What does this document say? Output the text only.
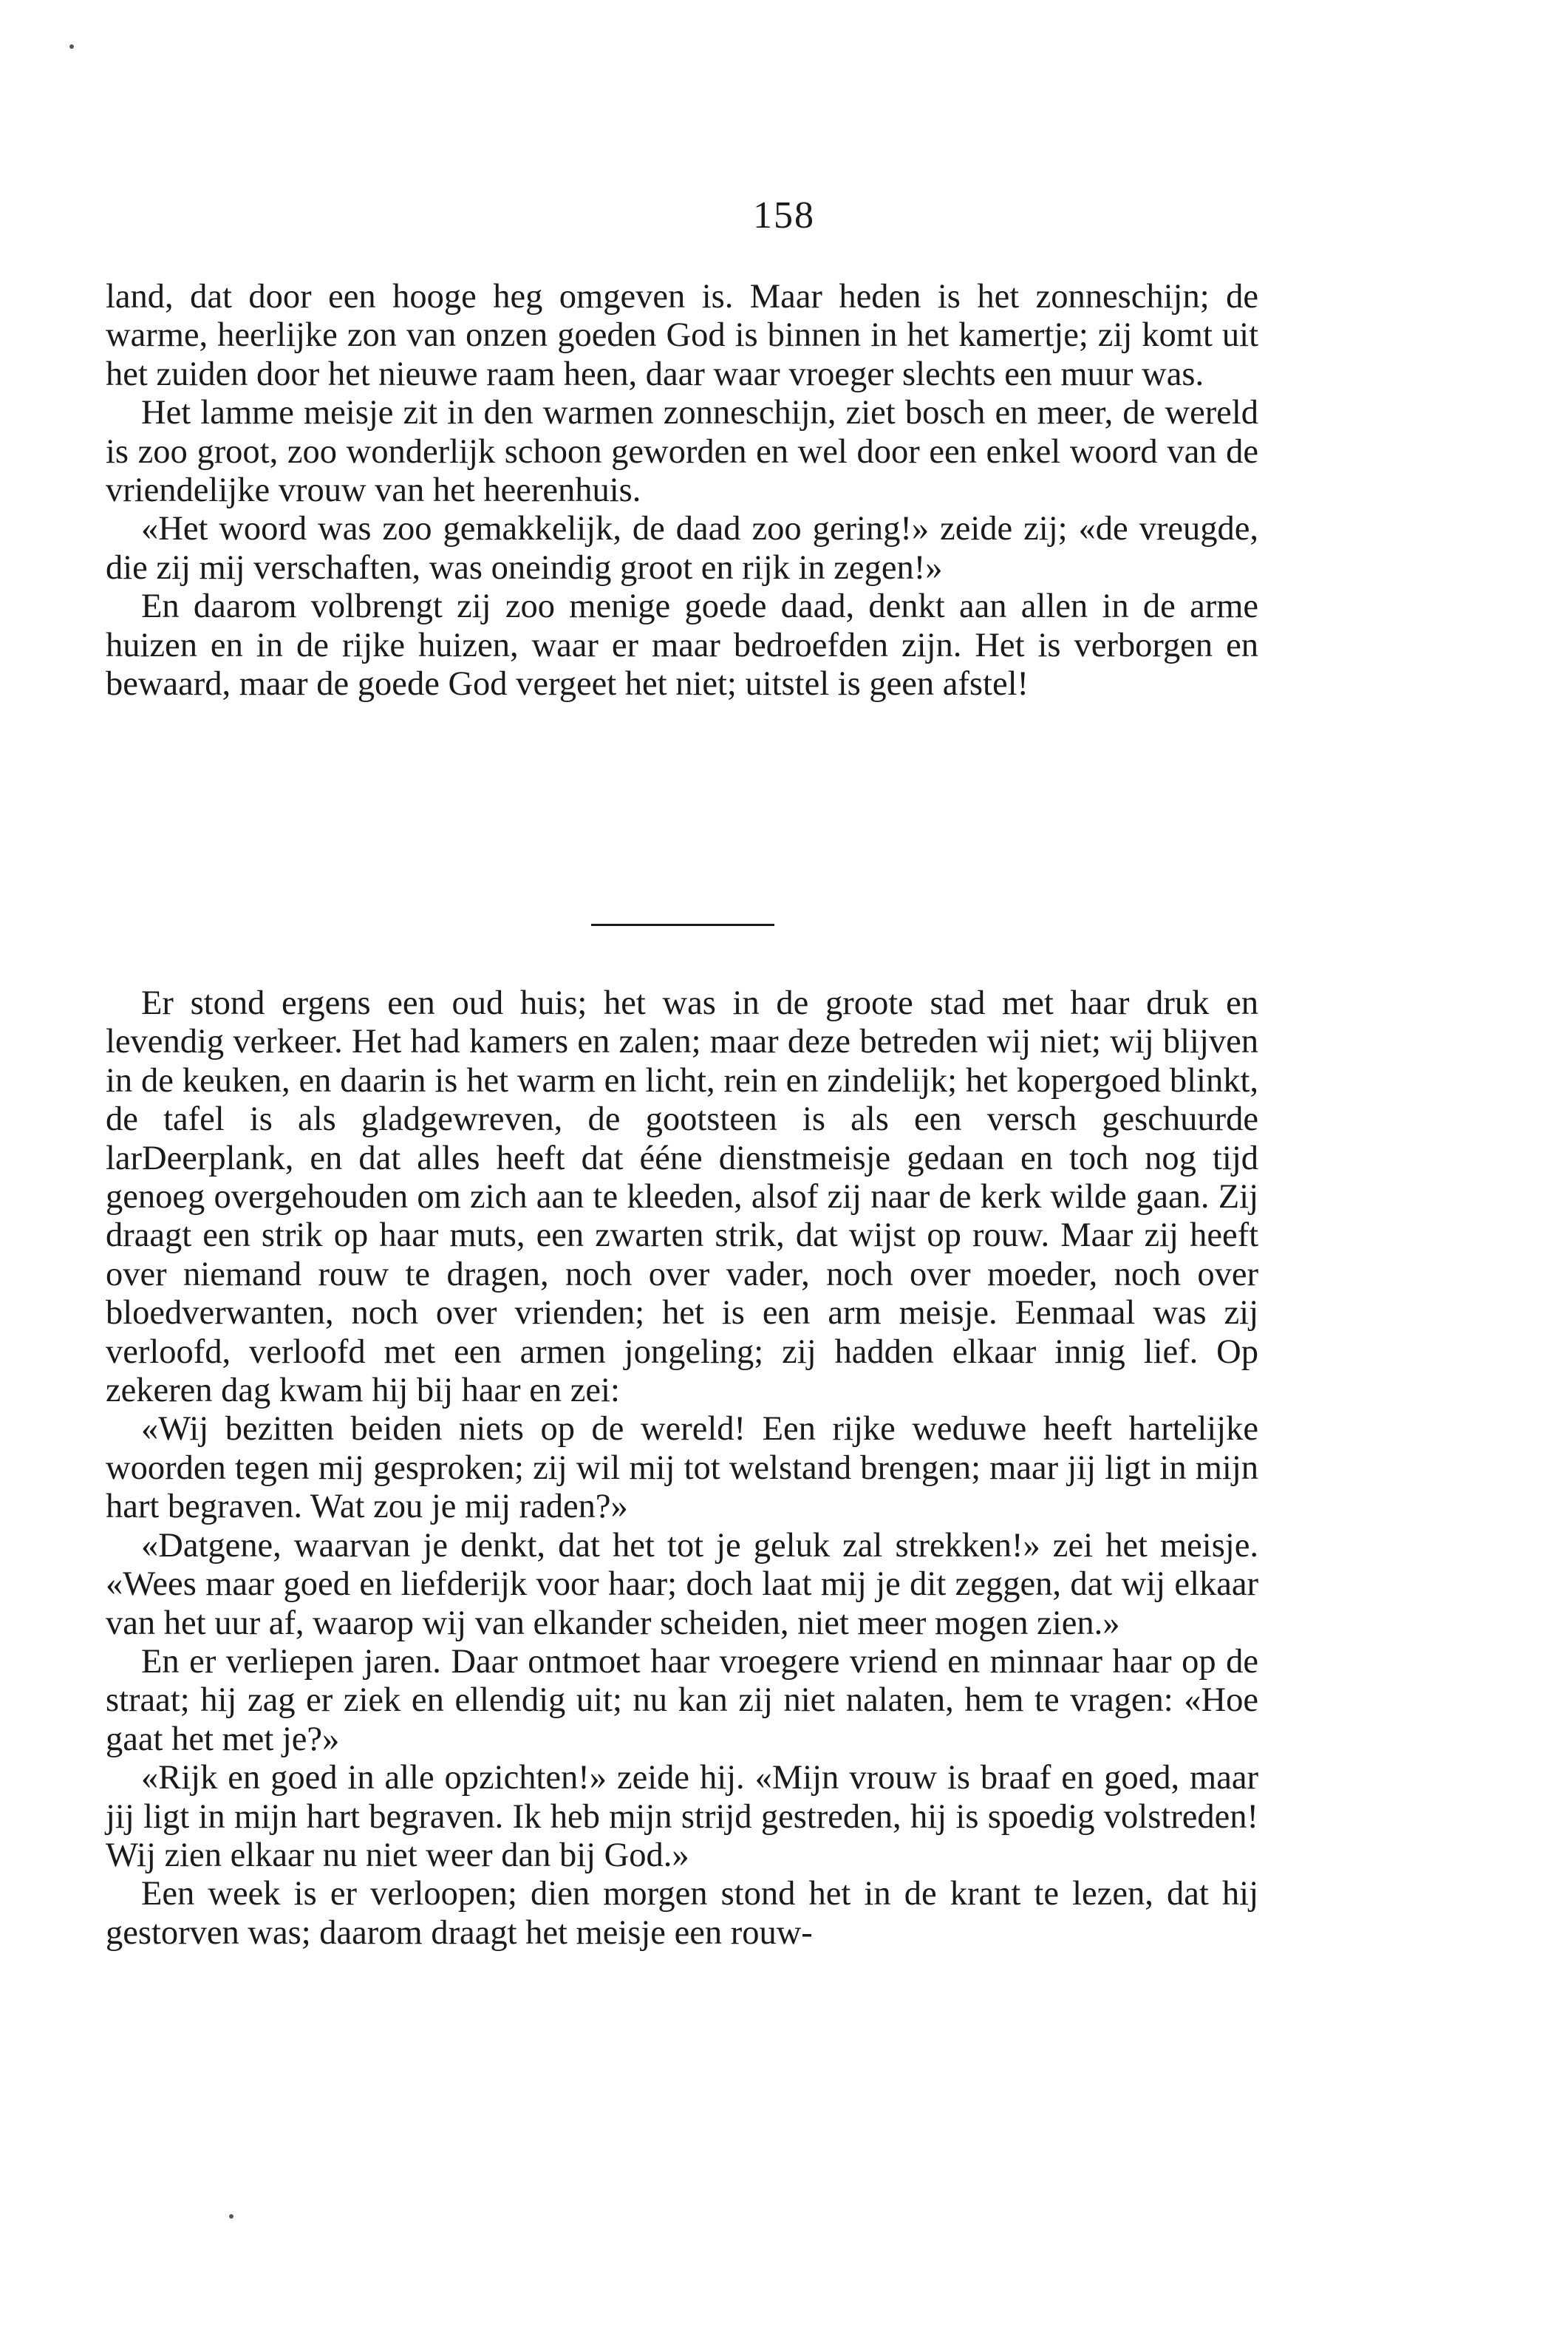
158

land, dat door een hooge heg omgeven is. Maar heden is het zonneschijn; de warme, heerlijke zon van onzen goeden God is binnen in het kamertje; zij komt uit het zuiden door het nieuwe raam heen, daar waar vroeger slechts een muur was.

Het lamme meisje zit in den warmen zonneschijn, ziet bosch en meer, de wereld is zoo groot, zoo wonderlijk schoon geworden en wel door een enkel woord van de vriendelijke vrouw van het heerenhuis.

«Het woord was zoo gemakkelijk, de daad zoo gering!» zeide zij; «de vreugde, die zij mij verschaften, was oneindig groot en rijk in zegen!»

En daarom volbrengt zij zoo menige goede daad, denkt aan allen in de arme huizen en in de rijke huizen, waar er maar bedroefden zijn. Het is verborgen en bewaard, maar de goede God vergeet het niet; uitstel is geen afstel!

Er stond ergens een oud huis; het was in de groote stad met haar druk en levendig verkeer. Het had kamers en zalen; maar deze betreden wij niet; wij blijven in de keuken, en daarin is het warm en licht, rein en zindelijk; het kopergoed blinkt, de tafel is als gladgewreven, de gootsteen is als een versch geschuurde larDeerplank, en dat alles heeft dat ééne dienstmeisje gedaan en toch nog tijd genoeg overgehouden om zich aan te kleeden, alsof zij naar de kerk wilde gaan. Zij draagt een strik op haar muts, een zwarten strik, dat wijst op rouw. Maar zij heeft over niemand rouw te dragen, noch over vader, noch over moeder, noch over bloedverwanten, noch over vrienden; het is een arm meisje. Eenmaal was zij verloofd, verloofd met een armen jongeling; zij hadden elkaar innig lief. Op zekeren dag kwam hij bij haar en zei:

«Wij bezitten beiden niets op de wereld! Een rijke weduwe heeft hartelijke woorden tegen mij gesproken; zij wil mij tot welstand brengen; maar jij ligt in mijn hart begraven. Wat zou je mij raden?»

«Datgene, waarvan je denkt, dat het tot je geluk zal strekken!» zei het meisje. «Wees maar goed en liefderijk voor haar; doch laat mij je dit zeggen, dat wij elkaar van het uur af, waarop wij van elkander scheiden, niet meer mogen zien.»

En er verliepen jaren. Daar ontmoet haar vroegere vriend en minnaar haar op de straat; hij zag er ziek en ellendig uit; nu kan zij niet nalaten, hem te vragen: «Hoe gaat het met je?»

«Rijk en goed in alle opzichten!» zeide hij. «Mijn vrouw is braaf en goed, maar jij ligt in mijn hart begraven. Ik heb mijn strijd gestreden, hij is spoedig volstreden! Wij zien elkaar nu niet weer dan bij God.»

Een week is er verloopen; dien morgen stond het in de krant te lezen, dat hij gestorven was; daarom draagt het meisje een rouw-
